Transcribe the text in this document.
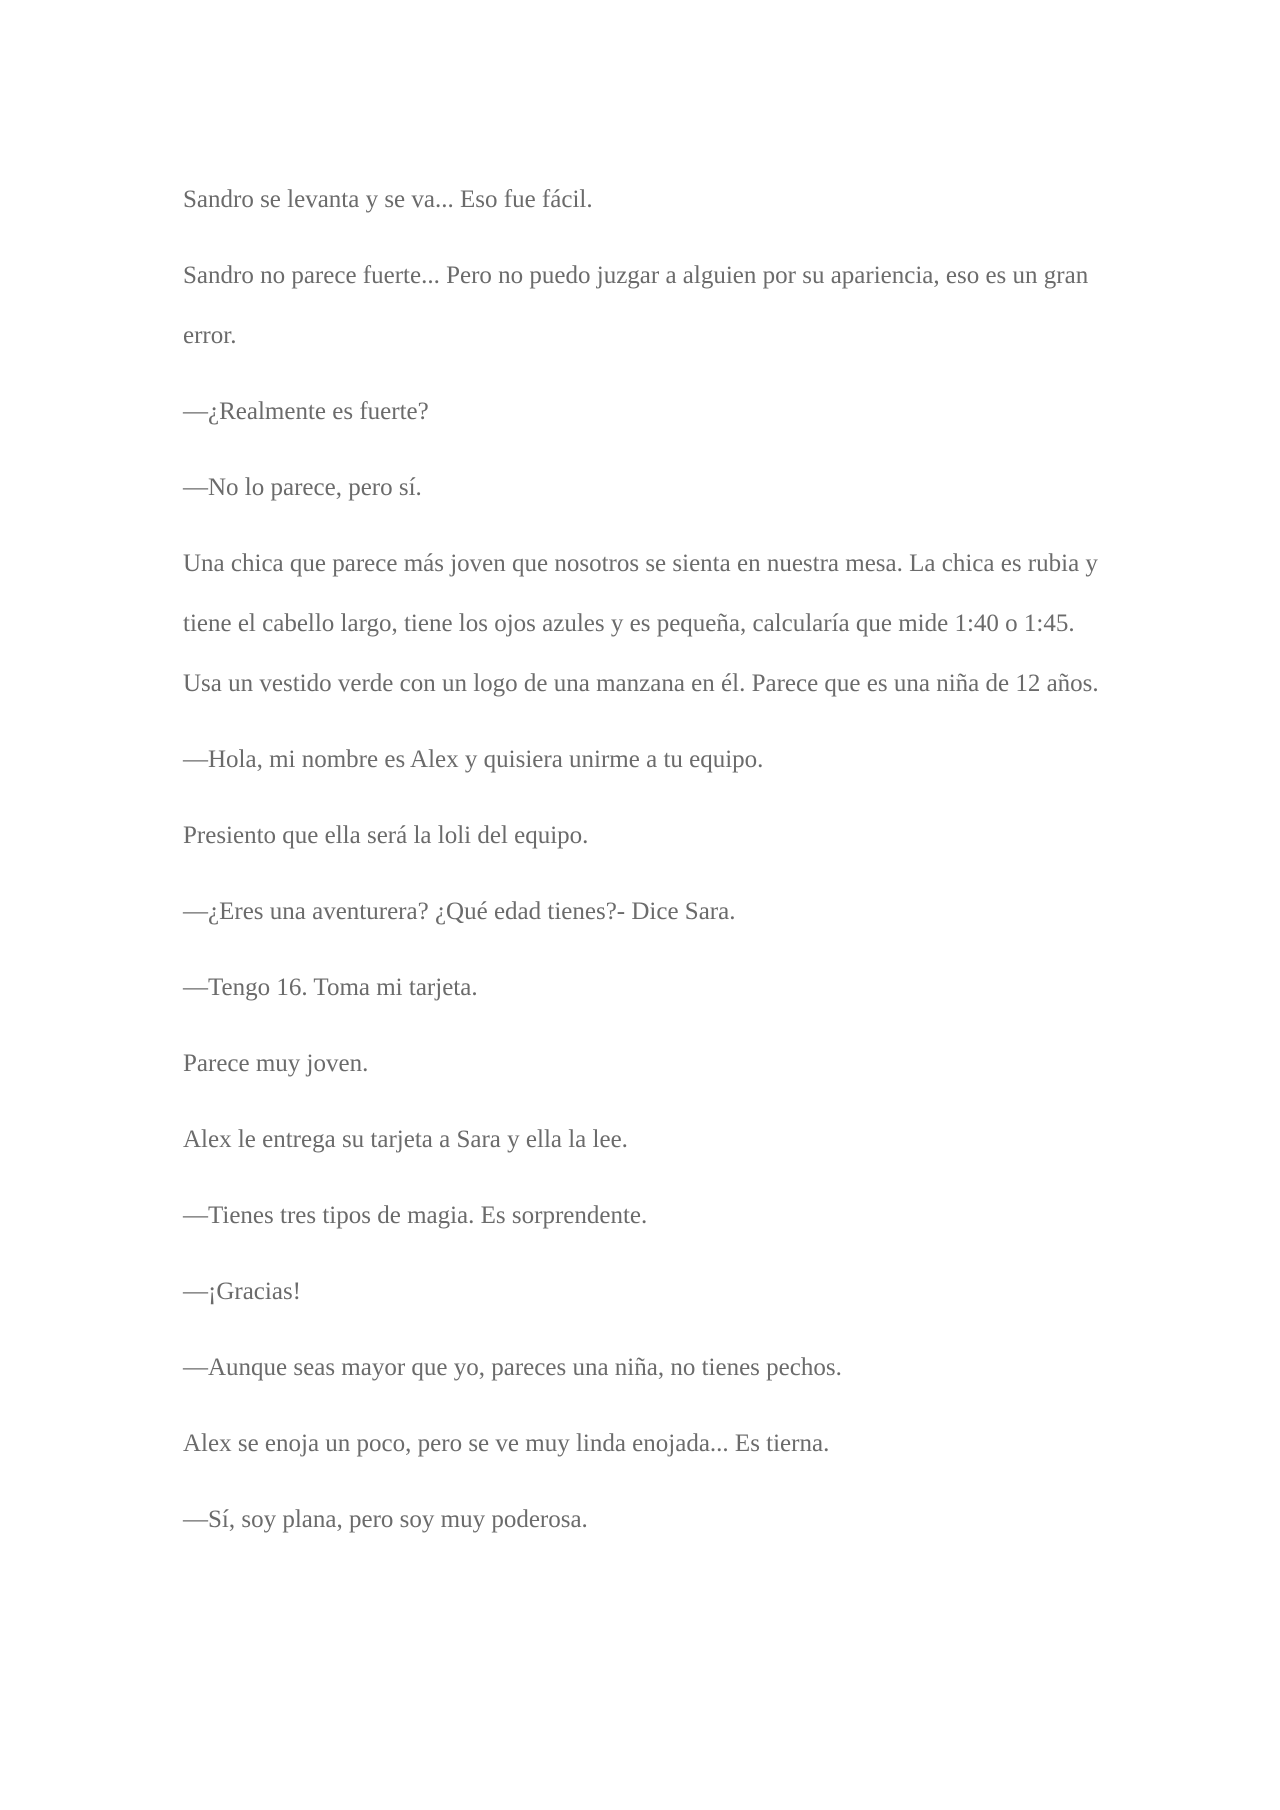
Sandro se levanta y se va... Eso fue fácil.

Sandro no parece fuerte... Pero no puedo juzgar a alguien por su apariencia, eso es un gran error.

—¿Realmente es fuerte?

—No lo parece, pero sí.

Una chica que parece más joven que nosotros se sienta en nuestra mesa. La chica es rubia y tiene el cabello largo, tiene los ojos azules y es pequeña, calcularía que mide 1:40 o 1:45. Usa un vestido verde con un logo de una manzana en él. Parece que es una niña de 12 años.

—Hola, mi nombre es Alex y quisiera unirme a tu equipo.

Presiento que ella será la loli del equipo.

—¿Eres una aventurera? ¿Qué edad tienes?- Dice Sara.

—Tengo 16. Toma mi tarjeta.

Parece muy joven.

Alex le entrega su tarjeta a Sara y ella la lee.

—Tienes tres tipos de magia. Es sorprendente.

—¡Gracias!

—Aunque seas mayor que yo, pareces una niña, no tienes pechos.

Alex se enoja un poco, pero se ve muy linda enojada... Es tierna.

—Sí, soy plana, pero soy muy poderosa.
